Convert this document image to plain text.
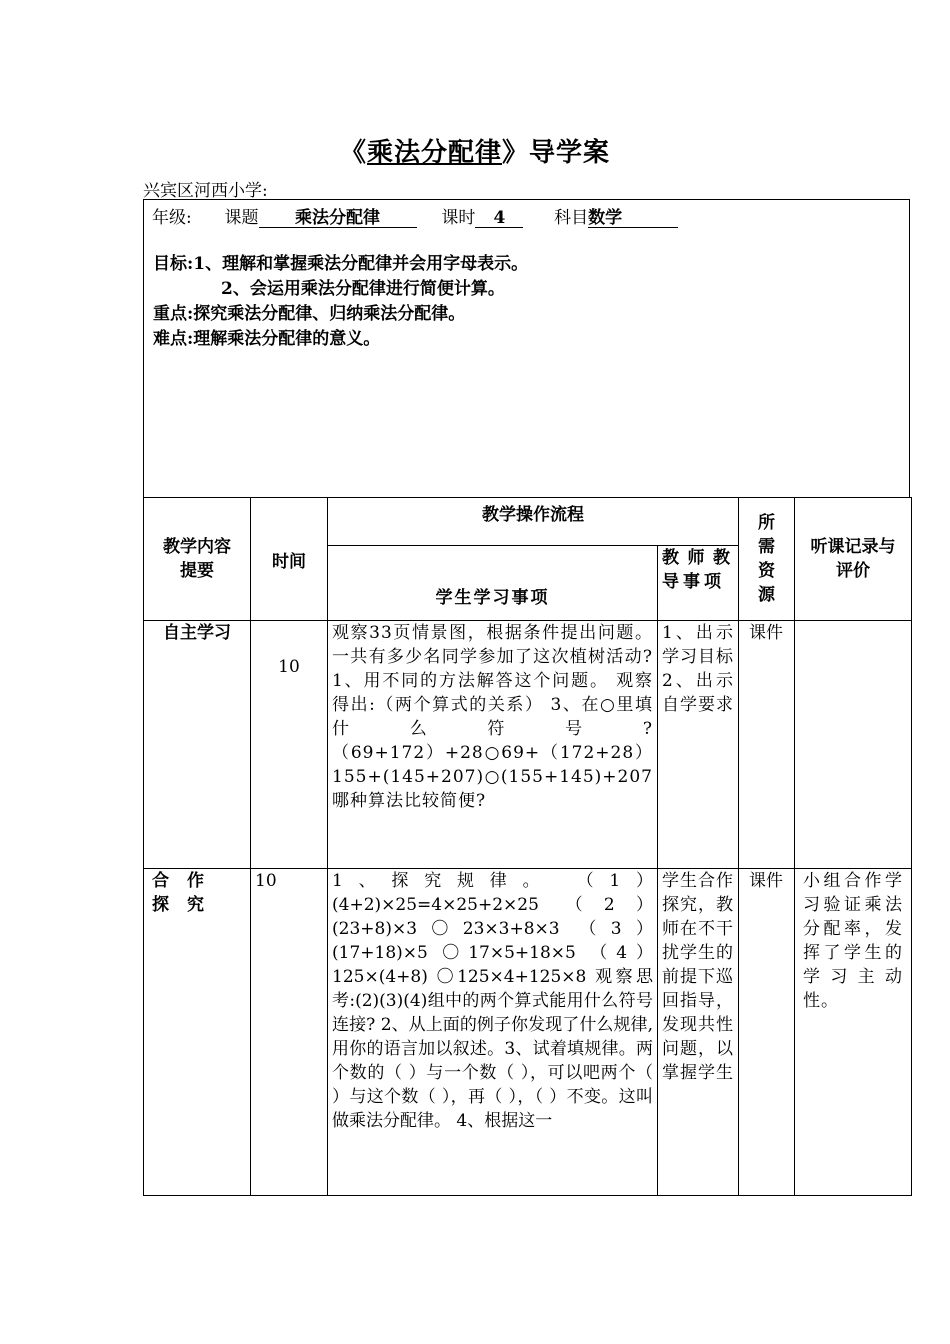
《乘法分配律》导学案
兴宾区河西小学:
年级: 课题 乘法分配律	课时 4	科目数学
目标:1、理解和掌握乘法分配律并会用字母表示。
2、会运用乘法分配律进行简便计算。
重点:探究乘法分配律、归纳乘法分配律。
难点:理解乘法分配律的意义。
教学内容提要	时间	教学操作流程		所需资源	听课记录与评价

		学生学习事项	教师教导事项		
自主学习	10	观察33页情景图，根据条件提出问题。 一共有多少名同学参加了这次植树活动? 1、用不同的方法解答这个问题。 观察得出:（两个算式的关系） 3、在○里填什么符号?（69+172）+28○69+（172+28）155+(145+207)○(155+145)+207 哪种算法比较简便?	1、出示学习目标 2、出示自学要求	课件	
合作探究	10	1、探究规律。 （1）(4+2)×25=4×25+2×25 （2）(23+8)×3〇23×3+8×3 （3）(17+18)×5 〇17×5+18×5 （4）125×(4+8) 〇125×4+125×8 观察思考:(2)(3)(4)组中的两个算式能用什么符号连接? 2、从上面的例子你发现了什么规律,用你的语言加以叙述。3、试着填规律。两个数的（ ）与一个数（ ），可以吧两个（ ）与这个数（ ），再（ ），（ ）不变。这叫做乘法分配律。 4、根据这一	学生合作探究，教师在不干扰学生的前提下巡回指导，发现共性问题，以掌握学生	课件	小组合作学习验证乘法分配率，发挥了学生的学习主动性。
